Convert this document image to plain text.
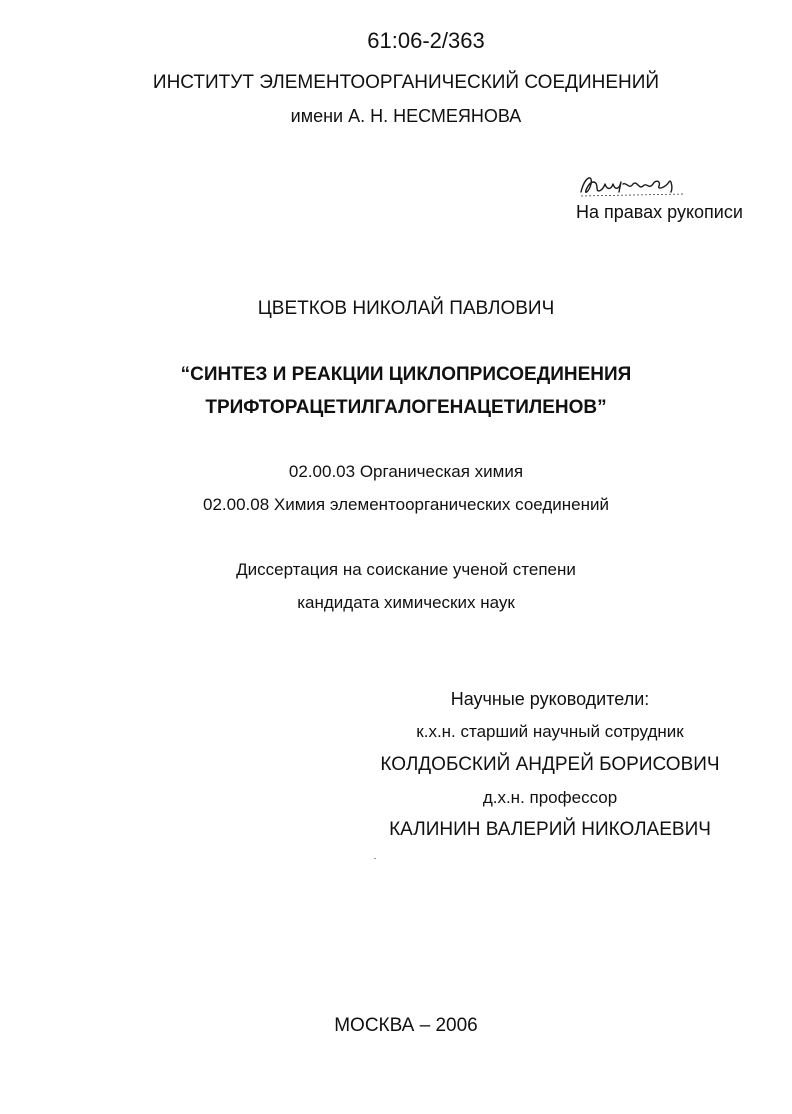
61:06-2/363
ИНСТИТУТ ЭЛЕМЕНТООРГАНИЧЕСКИЙ СОЕДИНЕНИЙ
имени А. Н. НЕСМЕЯНОВА
На правах рукописи
ЦВЕТКОВ НИКОЛАЙ ПАВЛОВИЧ
“СИНТЕЗ И РЕАКЦИИ ЦИКЛОПРИСОЕДИНЕНИЯ
ТРИФТОРАЦЕТИЛГАЛОГЕНАЦЕТИЛЕНОВ”
02.00.03 Органическая химия
02.00.08 Химия элементоорганических соединений
Диссертация на соискание ученой степени
кандидата химических наук
Научные руководители:
к.х.н. старший научный сотрудник
КОЛДОБСКИЙ АНДРЕЙ БОРИСОВИЧ
д.х.н. профессор
КАЛИНИН ВАЛЕРИЙ НИКОЛАЕВИЧ
МОСКВА – 2006
